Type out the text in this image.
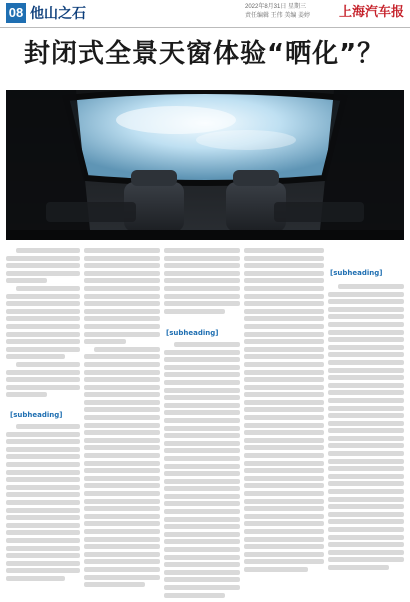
08 他山之石	2022年8月31日 星期三
责任编辑 王伟 美编 姜婷 上海汽车报
封闭式全景天窗体验“晒化”？
[subheading]
[subheading]
[subheading]
